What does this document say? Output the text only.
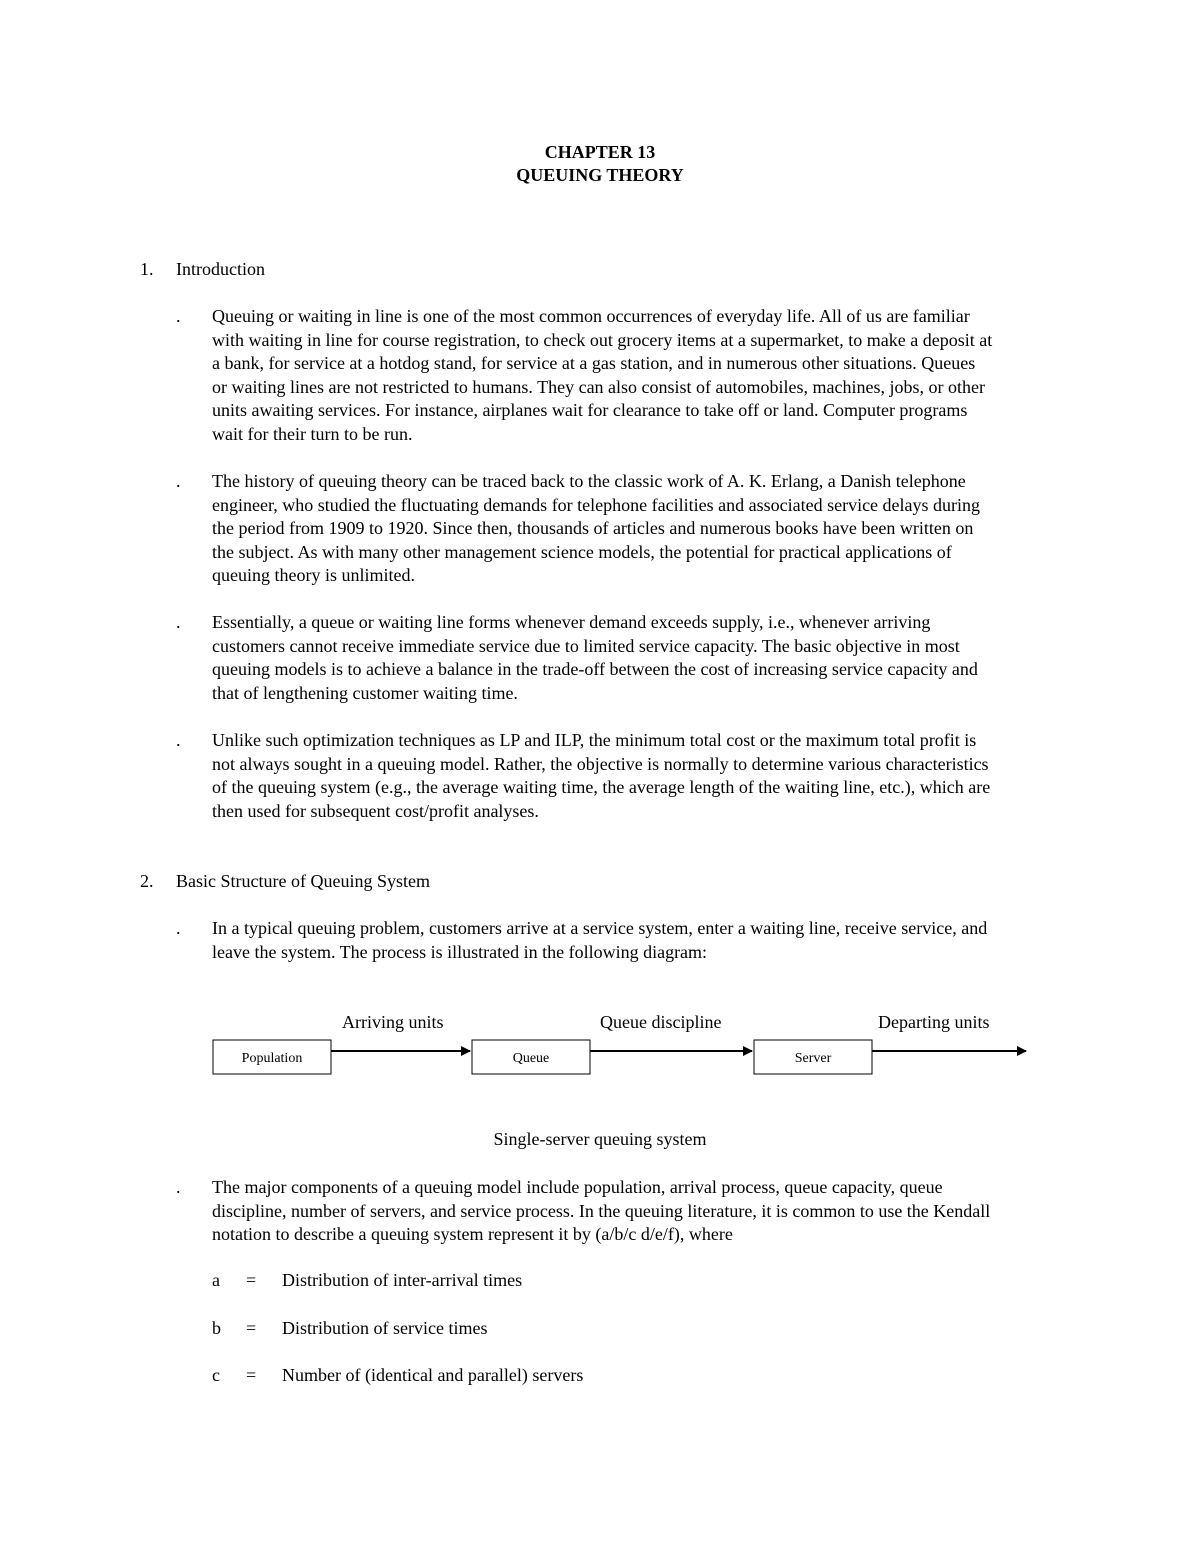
CHAPTER 13
QUEUING THEORY
1. Introduction
. Queuing or waiting in line is one of the most common occurrences of everyday life. All of us are familiar
with waiting in line for course registration, to check out grocery items at a supermarket, to make a deposit at
a bank, for service at a hotdog stand, for service at a gas station, and in numerous other situations. Queues
or waiting lines are not restricted to humans. They can also consist of automobiles, machines, jobs, or other
units awaiting services. For instance, airplanes wait for clearance to take off or land. Computer programs
wait for their turn to be run.
. The history of queuing theory can be traced back to the classic work of A. K. Erlang, a Danish telephone
engineer, who studied the fluctuating demands for telephone facilities and associated service delays during
the period from 1909 to 1920. Since then, thousands of articles and numerous books have been written on
the subject. As with many other management science models, the potential for practical applications of
queuing theory is unlimited.
. Essentially, a queue or waiting line forms whenever demand exceeds supply, i.e., whenever arriving
customers cannot receive immediate service due to limited service capacity. The basic objective in most
queuing models is to achieve a balance in the trade-off between the cost of increasing service capacity and
that of lengthening customer waiting time.
. Unlike such optimization techniques as LP and ILP, the minimum total cost or the maximum total profit is
not always sought in a queuing model. Rather, the objective is normally to determine various characteristics
of the queuing system (e.g., the average waiting time, the average length of the waiting line, etc.), which are
then used for subsequent cost/profit analyses.
2. Basic Structure of Queuing System
. In a typical queuing problem, customers arrive at a service system, enter a waiting line, receive service, and
leave the system. The process is illustrated in the following diagram:
Arriving units	Queue discipline	Departing units
Population	Queue	Server
Single-server queuing system
. The major components of a queuing model include population, arrival process, queue capacity, queue
discipline, number of servers, and service process. In the queuing literature, it is common to use the Kendall
notation to describe a queuing system represent it by (a/b/c d/e/f), where
a = Distribution of inter-arrival times
b = Distribution of service times
c = Number of (identical and parallel) servers
